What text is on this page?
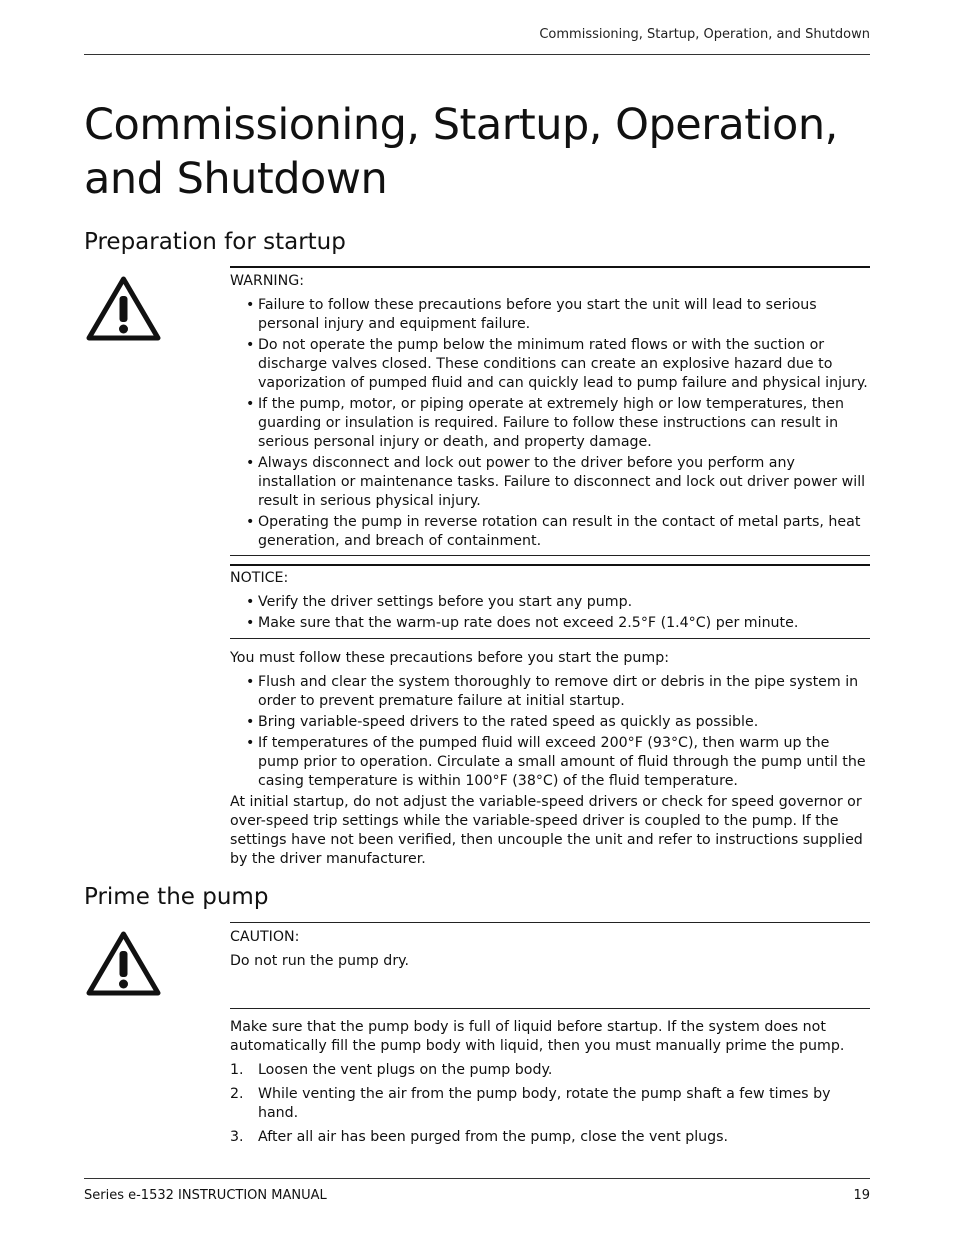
Commissioning, Startup, Operation, and Shutdown
Commissioning, Startup, Operation,
and Shutdown
Preparation for startup

WARNING:

• Failure to follow these precautions before you start the unit will lead to serious personal injury and equipment failure.
• Do not operate the pump below the minimum rated flows or with the suction or discharge valves closed. These conditions can create an explosive hazard due to vaporization of pumped fluid and can quickly lead to pump failure and physical injury.
• If the pump, motor, or piping operate at extremely high or low temperatures, then guarding or insulation is required. Failure to follow these instructions can result in serious personal injury or death, and property damage.
• Always disconnect and lock out power to the driver before you perform any installation or maintenance tasks. Failure to disconnect and lock out driver power will result in serious physical injury.
• Operating the pump in reverse rotation can result in the contact of metal parts, heat generation, and breach of containment.

NOTICE:

• Verify the driver settings before you start any pump.
• Make sure that the warm-up rate does not exceed 2.5°F (1.4°C) per minute.

You must follow these precautions before you start the pump:

• Flush and clear the system thoroughly to remove dirt or debris in the pipe system in order to prevent premature failure at initial startup.
• Bring variable-speed drivers to the rated speed as quickly as possible.
• If temperatures of the pumped fluid will exceed 200°F (93°C), then warm up the pump prior to operation. Circulate a small amount of fluid through the pump until the casing temperature is within 100°F (38°C) of the fluid temperature.

At initial startup, do not adjust the variable-speed drivers or check for speed governor or over-speed trip settings while the variable-speed driver is coupled to the pump. If the settings have not been verified, then uncouple the unit and refer to instructions supplied by the driver manufacturer.

Prime the pump

CAUTION:

Do not run the pump dry.

Make sure that the pump body is full of liquid before startup. If the system does not automatically fill the pump body with liquid, then you must manually prime the pump.

1. Loosen the vent plugs on the pump body.
2. While venting the air from the pump body, rotate the pump shaft a few times by hand.
3. After all air has been purged from the pump, close the vent plugs.
Series e-1532 INSTRUCTION MANUAL	19
